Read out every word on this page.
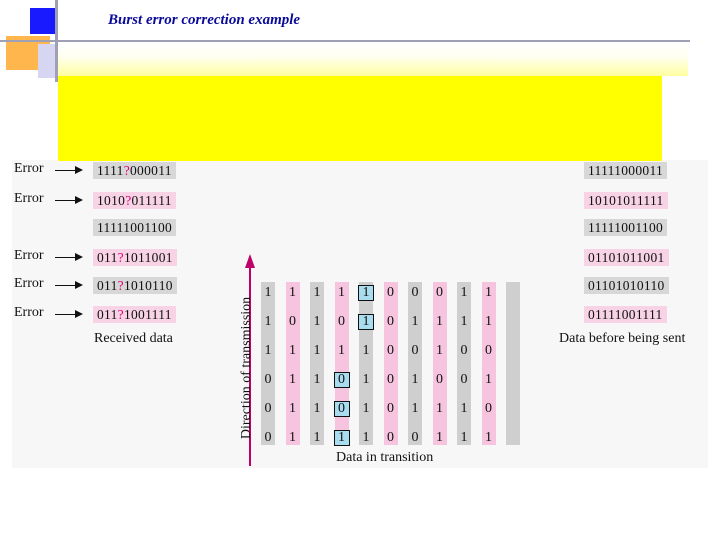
Burst error correction example
Error	1111?000011
Error	1010?011111
11111001100
Error	011?1011001
Error	011?1010110
Error	011?1001111
Received data
11111000011
10101011111
11111001100
01101011001
01101010110
01111001111
Data before being sent
1	1	1	1	1	0	0	0	1	1
1	0	1	0	1	0	1	1	1	1
1	1	1	1	1	0	0	1	0	0
0	1	1	0	1	0	1	0	0	1
0	1	1	0	1	0	1	1	1	0
0	1	1	1	1	0	0	1	1	1
Data in transition
Direction of transmission
